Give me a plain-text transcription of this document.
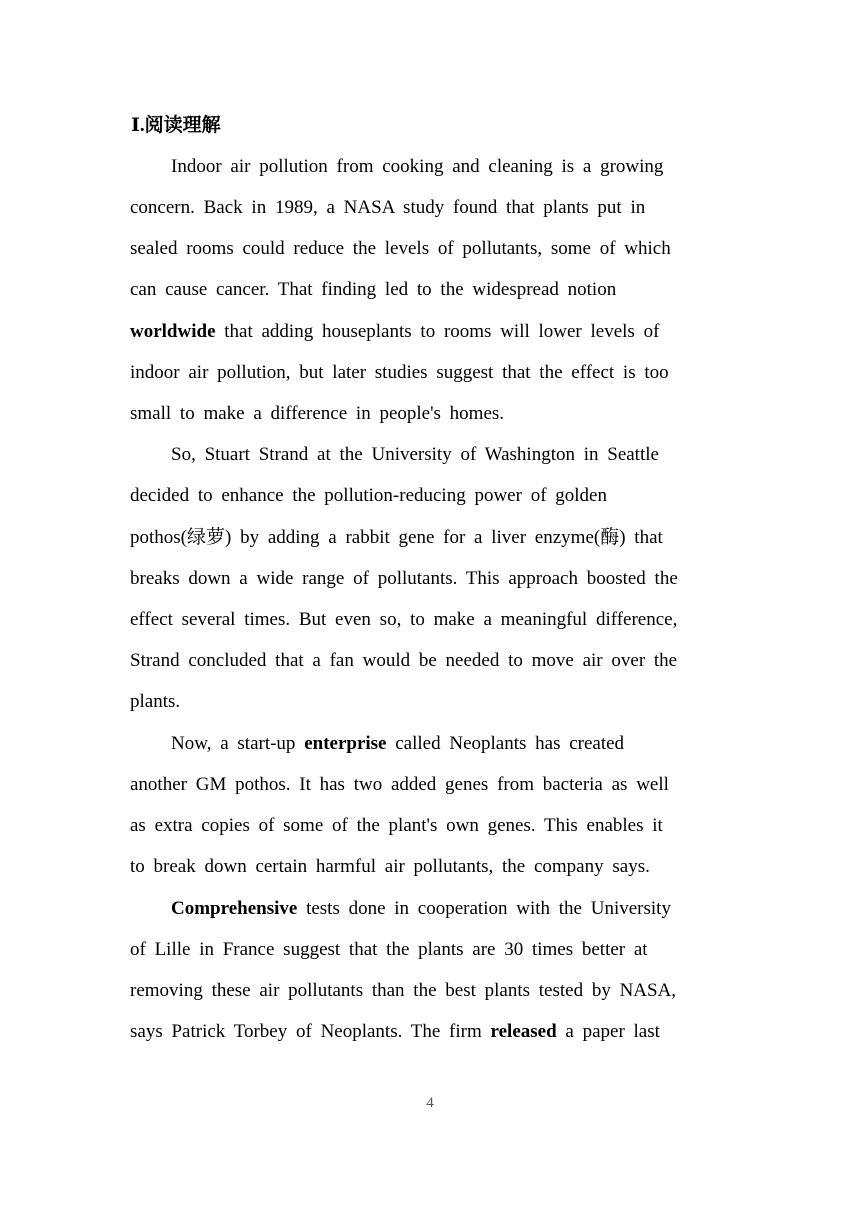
Ⅰ.阅读理解
Indoor air pollution from cooking and cleaning is a growing
concern. Back in 1989, a NASA study found that plants put in
sealed rooms could reduce the levels of pollutants, some of which
can cause cancer. That finding led to the widespread notion
worldwide that adding houseplants to rooms will lower levels of
indoor air pollution, but later studies suggest that the effect is too
small to make a difference in people's homes.
So, Stuart Strand at the University of Washington in Seattle
decided to enhance the pollution-reducing power of golden
pothos(绿萝) by adding a rabbit gene for a liver enzyme(酶) that
breaks down a wide range of pollutants. This approach boosted the
effect several times. But even so, to make a meaningful difference,
Strand concluded that a fan would be needed to move air over the
plants.
Now, a start-up enterprise called Neoplants has created
another GM pothos. It has two added genes from bacteria as well
as extra copies of some of the plant's own genes. This enables it
to break down certain harmful air pollutants, the company says.
Comprehensive tests done in cooperation with the University
of Lille in France suggest that the plants are 30 times better at
removing these air pollutants than the best plants tested by NASA,
says Patrick Torbey of Neoplants. The firm released a paper last
4
